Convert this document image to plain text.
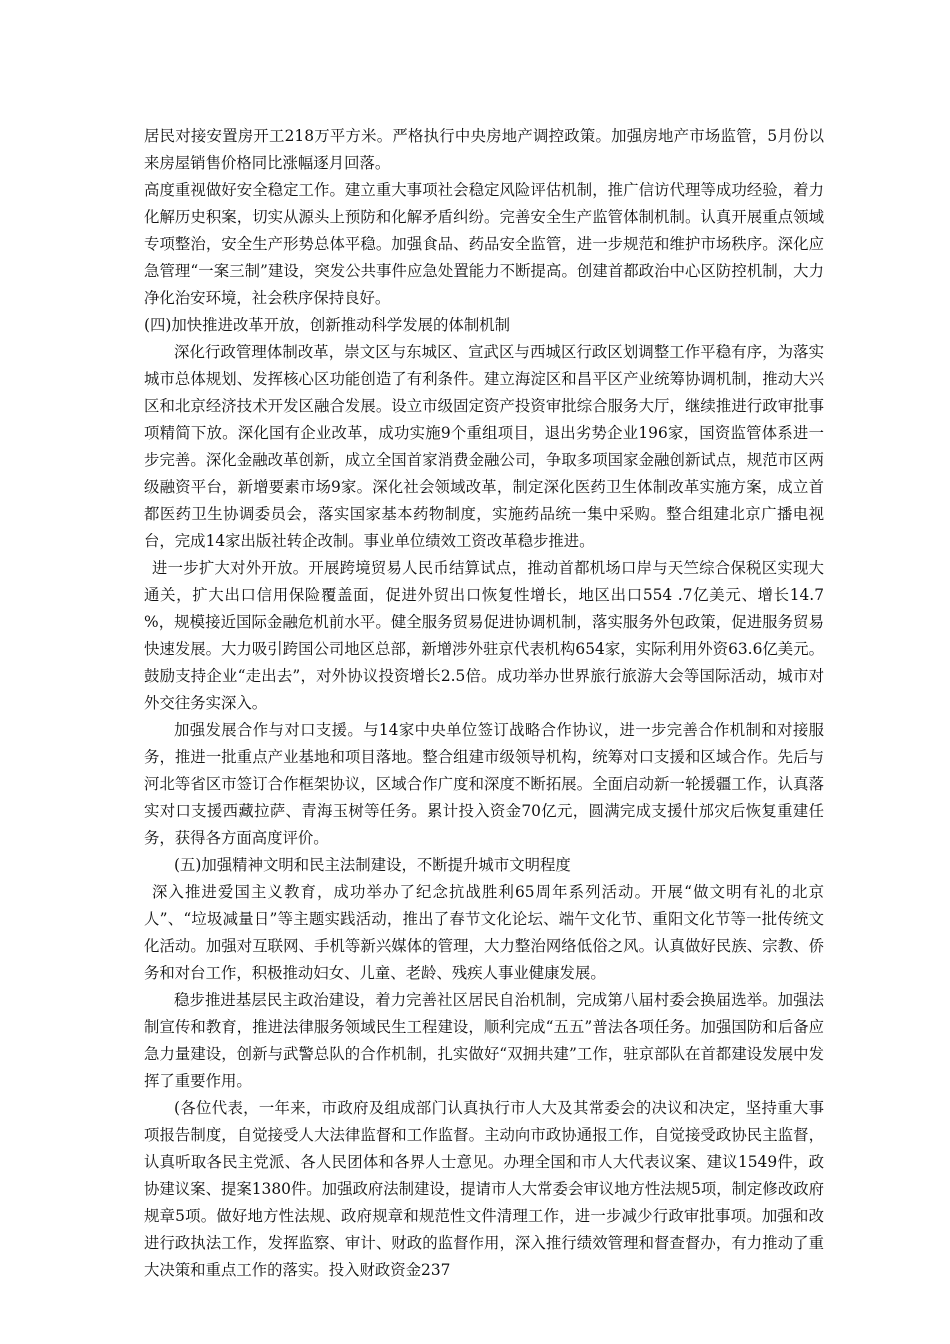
居民对接安置房开工218万平方米。严格执行中央房地产调控政策。加强房地产市场监管，5月份以来房屋销售价格同比涨幅逐月回落。

高度重视做好安全稳定工作。建立重大事项社会稳定风险评估机制，推广信访代理等成功经验，着力化解历史积案，切实从源头上预防和化解矛盾纠纷。完善安全生产监管体制机制。认真开展重点领域专项整治，安全生产形势总体平稳。加强食品、药品安全监管，进一步规范和维护市场秩序。深化应急管理“一案三制”建设，突发公共事件应急处置能力不断提高。创建首都政治中心区防控机制，大力净化治安环境，社会秩序保持良好。

(四)加快推进改革开放，创新推动科学发展的体制机制

深化行政管理体制改革，崇文区与东城区、宣武区与西城区行政区划调整工作平稳有序，为落实城市总体规划、发挥核心区功能创造了有利条件。建立海淀区和昌平区产业统筹协调机制，推动大兴区和北京经济技术开发区融合发展。设立市级固定资产投资审批综合服务大厅，继续推进行政审批事项精简下放。深化国有企业改革，成功实施9个重组项目，退出劣势企业196家，国资监管体系进一步完善。深化金融改革创新，成立全国首家消费金融公司，争取多项国家金融创新试点，规范市区两级融资平台，新增要素市场9家。深化社会领域改革，制定深化医药卫生体制改革实施方案，成立首都医药卫生协调委员会，落实国家基本药物制度，实施药品统一集中采购。整合组建北京广播电视台，完成14家出版社转企改制。事业单位绩效工资改革稳步推进。

进一步扩大对外开放。开展跨境贸易人民币结算试点，推动首都机场口岸与天竺综合保税区实现大通关，扩大出口信用保险覆盖面，促进外贸出口恢复性增长，地区出口554 .7亿美元、增长14.7 %，规模接近国际金融危机前水平。健全服务贸易促进协调机制，落实服务外包政策，促进服务贸易快速发展。大力吸引跨国公司地区总部，新增涉外驻京代表机构654家，实际利用外资63.6亿美元。鼓励支持企业“走出去”，对外协议投资增长2.5倍。成功举办世界旅行旅游大会等国际活动，城市对外交往务实深入。

加强发展合作与对口支援。与14家中央单位签订战略合作协议，进一步完善合作机制和对接服务，推进一批重点产业基地和项目落地。整合组建市级领导机构，统筹对口支援和区域合作。先后与河北等省区市签订合作框架协议，区域合作广度和深度不断拓展。全面启动新一轮援疆工作，认真落实对口支援西藏拉萨、青海玉树等任务。累计投入资金70亿元，圆满完成支援什邡灾后恢复重建任务，获得各方面高度评价。

(五)加强精神文明和民主法制建设，不断提升城市文明程度

深入推进爱国主义教育，成功举办了纪念抗战胜利65周年系列活动。开展“做文明有礼的北京人”、“垃圾减量日”等主题实践活动，推出了春节文化论坛、端午文化节、重阳文化节等一批传统文化活动。加强对互联网、手机等新兴媒体的管理，大力整治网络低俗之风。认真做好民族、宗教、侨务和对台工作，积极推动妇女、儿童、老龄、残疾人事业健康发展。

稳步推进基层民主政治建设，着力完善社区居民自治机制，完成第八届村委会换届选举。加强法制宣传和教育，推进法律服务领域民生工程建设，顺利完成“五五”普法各项任务。加强国防和后备应急力量建设，创新与武警总队的合作机制，扎实做好“双拥共建”工作，驻京部队在首都建设发展中发挥了重要作用。

(各位代表，一年来，市政府及组成部门认真执行市人大及其常委会的决议和决定，坚持重大事项报告制度，自觉接受人大法律监督和工作监督。主动向市政协通报工作，自觉接受政协民主监督，认真听取各民主党派、各人民团体和各界人士意见。办理全国和市人大代表议案、建议1549件，政协建议案、提案1380件。加强政府法制建设，提请市人大常委会审议地方性法规5项，制定修改政府规章5项。做好地方性法规、政府规章和规范性文件清理工作，进一步减少行政审批事项。加强和改进行政执法工作，发挥监察、审计、财政的监督作用，深入推行绩效管理和督查督办，有力推动了重大决策和重点工作的落实。投入财政资金237
